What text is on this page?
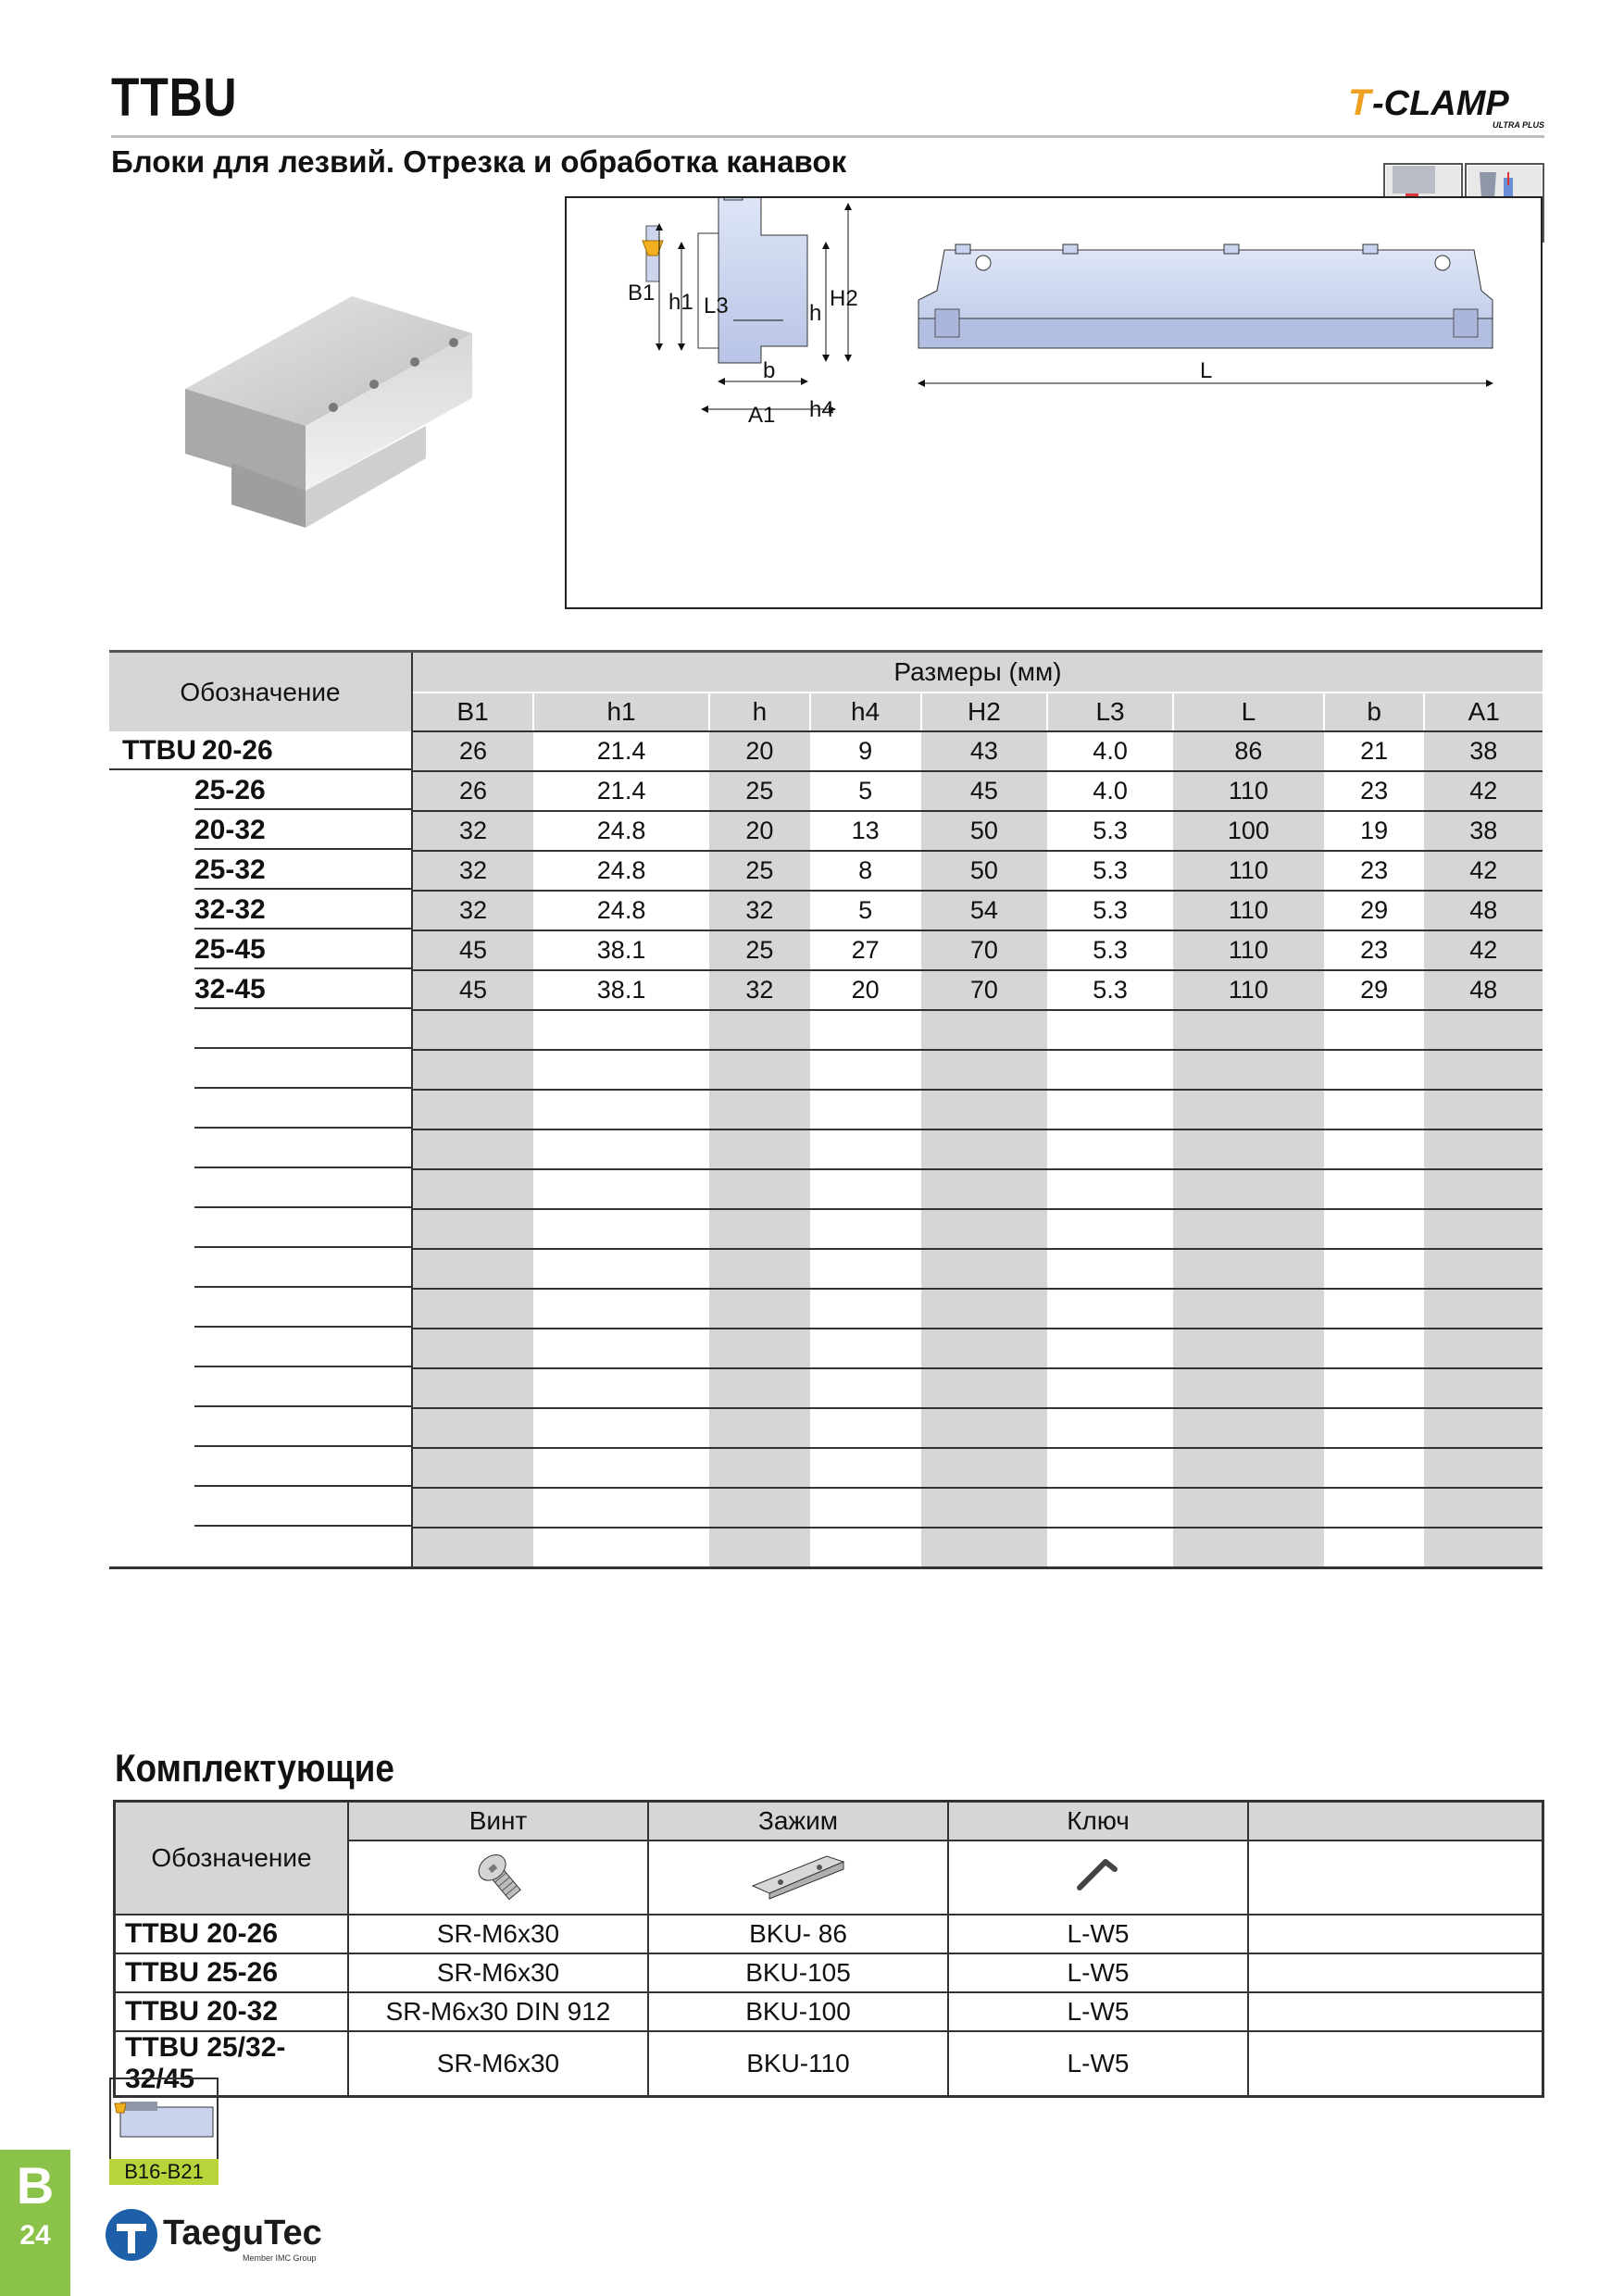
TTBU
Блоки для лезвий. Отрезка и обработка канавок
T -CLAMP
ULTRA PLUS
B1 h1 L3	h
H2
b
A1 h4
L
Обозначение	Размеры (мм)								
	B1	h1	h	h4	H2	L3	L	b	A1

TTBU 20-26	26	21.4	20	9	43	4.0	86	21	38

25-26	26	21.4	25	5	45	4.0	110	23	42

20-32	32	24.8	20	13	50	5.3	100	19	38

25-32	32	24.8	25	8	50	5.3	110	23	42

32-32	32	24.8	32	5	54	5.3	110	29	48

25-45	45	38.1	25	27	70	5.3	110	23	42

32-45	45	38.1	32	20	70	5.3	110	29	48

Комплектующие
Обозначение	Винт	Зажим	Ключ	

TTBU 20-26	SR-M6x30	BKU- 86	L-W5	
TTBU 25-26	SR-M6x30	BKU-105	L-W5	
TTBU 20-32	SR-M6x30 DIN 912	BKU-100	L-W5	
TTBU 25/32-32/45	SR-M6x30	BKU-110	L-W5	
B16-B21
B
24	TaeguTec
Member IMC Group
